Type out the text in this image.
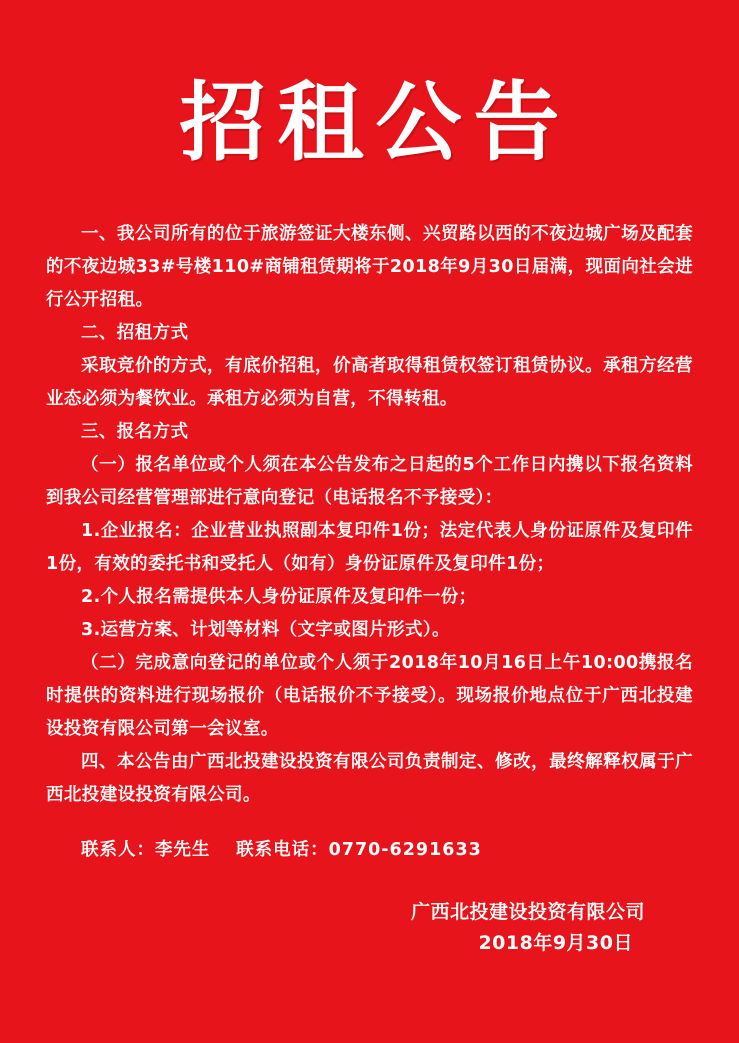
招租公告

一、我公司所有的位于旅游签证大楼东侧、兴贸路以西的不夜边城广场及配套的不夜边城33#号楼110#商铺租赁期将于2018年9月30日届满，现面向社会进行公开招租。

二、招租方式

采取竞价的方式，有底价招租，价高者取得租赁权签订租赁协议。承租方经营业态必须为餐饮业。承租方必须为自营，不得转租。

三、报名方式

（一）报名单位或个人须在本公告发布之日起的5个工作日内携以下报名资料到我公司经营管理部进行意向登记（电话报名不予接受）：

1.企业报名：企业营业执照副本复印件1份；法定代表人身份证原件及复印件1份，有效的委托书和受托人（如有）身份证原件及复印件1份；

2.个人报名需提供本人身份证原件及复印件一份；

3.运营方案、计划等材料（文字或图片形式）。

（二）完成意向登记的单位或个人须于2018年10月16日上午10:00携报名时提供的资料进行现场报价（电话报价不予接受）。现场报价地点位于广西北投建设投资有限公司第一会议室。

四、本公告由广西北投建设投资有限公司负责制定、修改，最终解释权属于广西北投建设投资有限公司。

联系人：李先生　 联系电话：0770-6291633
广西北投建设投资有限公司
2018年9月30日
